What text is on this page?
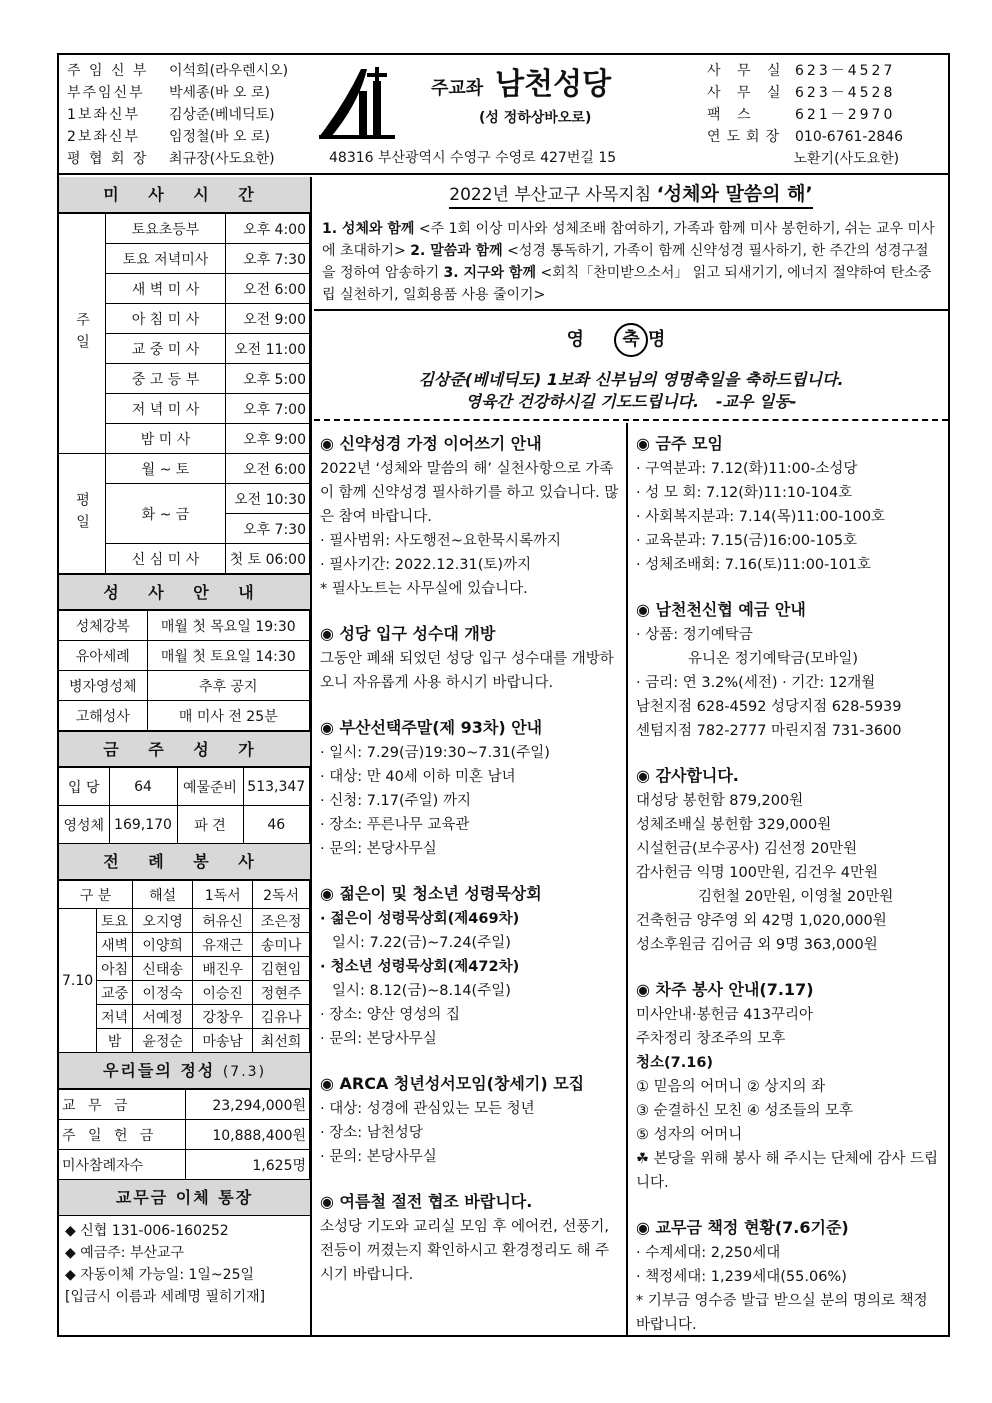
주 임 신 부 이석희(라우렌시오)
부주임신부 박세종(바 오 로)
1보좌신부 김상준(베네딕토)
2보좌신부 임정철(바 오 로)
평 협 회 장 최규장(사도요한)
주교좌 남천성당
(성 정하상바오로)
48316 부산광역시 수영구 수영로 427번길 15
사 무 실 623－4527
사 무 실 623－4528
팩 스	621－2970
연도회장 010-6761-2846
노환기(사도요한)
미 사 시 간
주일	토요초등부	오후 4:00
	토요 저녁미사	오후 7:30
	새 벽 미 사	오전 6:00
	아 침 미 사	오전 9:00
	교 중 미 사	오전 11:00
	중 고 등 부	오후 5:00
	저 녁 미 사	오후 7:00
	밤 미 사	오후 9:00
평일	월 ~ 토	오전 6:00
	화 ~ 금	오전 10:30
		오후 7:30
	신 심 미 사	첫 토 06:00
성 사 안 내
성체강복	매월 첫 목요일 19:30
유아세례	매월 첫 토요일 14:30
병자영성체	추후 공지
고해성사	매 미사 전 25분
금 주 성 가
입 당	64	예물준비	513,347
영성체	169,170	파 견	46
전 례 봉 사
구 분		해설	1독서	2독서
7.10	토요	오지영	허유신	조은정
	새벽	이양희	유재근	송미나
	아침	신태송	배진우	김현임
	교중	이정숙	이승진	정현주
	저녁	서예정	강창우	김유나
	밤	윤정순	마송남	최선희
우리들의 정성 (7.3)
교 무 금	23,294,000원
주 일 헌 금	10,888,400원
미사참례자수	1,625명
교무금 이체 통장
◆ 신협 131-006-160252
◆ 예금주: 부산교구
◆ 자동이체 가능일: 1일~25일
[입금시 이름과 세례명 필히기재]
2022년 부산교구 사목지침 ‘성체와 말씀의 해’
1. 성체와 함께 <주 1회 이상 미사와 성체조배 참여하기, 가족과 함께 미사 봉헌하기, 쉬는 교우 미사에 초대하기> 2. 말씀과 함께 <성경 통독하기, 가족이 함께 신약성경 필사하기, 한 주간의 성경구절을 정하여 암송하기 3. 지구와 함께 <회칙「찬미받으소서」 읽고 되새기기, 에너지 절약하여 탄소중립 실천하기, 일회용품 사용 줄이기>
영 축 명
김상준(베네딕도) 1보좌 신부님의 영명축일을 축하드립니다.
영육간 건강하시길 기도드립니다. -교우 일동-
◉ 신약성경 가정 이어쓰기 안내

2022년 ‘성체와 말씀의 해’ 실천사항으로 가족이 함께 신약성경 필사하기를 하고 있습니다. 많은 참여 바랍니다.

· 필사범위: 사도행전~요한묵시록까지

· 필사기간: 2022.12.31(토)까지

* 필사노트는 사무실에 있습니다.

◉ 성당 입구 성수대 개방

그동안 폐쇄 되었던 성당 입구 성수대를 개방하오니 자유롭게 사용 하시기 바랍니다.

◉ 부산선택주말(제 93차) 안내

· 일시: 7.29(금)19:30~7.31(주일)

· 대상: 만 40세 이하 미혼 남녀

· 신청: 7.17(주일) 까지

· 장소: 푸른나무 교육관

· 문의: 본당사무실

◉ 젊은이 및 청소년 성령묵상회

· 젊은이 성령묵상회(제469차)

일시: 7.22(금)~7.24(주일)

· 청소년 성령묵상회(제472차)

일시: 8.12(금)~8.14(주일)

· 장소: 양산 영성의 집

· 문의: 본당사무실

◉ ARCA 청년성서모임(창세기) 모집

· 대상: 성경에 관심있는 모든 청년

· 장소: 남천성당

· 문의: 본당사무실

◉ 여름철 절전 협조 바랍니다.

소성당 기도와 교리실 모임 후 에어컨, 선풍기, 전등이 꺼졌는지 확인하시고 환경정리도 해 주시기 바랍니다.

◉ 금주 모임

· 구역분과: 7.12(화)11:00-소성당

· 성 모 회: 7.12(화)11:10-104호

· 사회복지분과: 7.14(목)11:00-100호

· 교육분과: 7.15(금)16:00-105호

· 성체조배회: 7.16(토)11:00-101호

◉ 남천천신협 예금 안내

· 상품: 정기예탁금

유니온 정기예탁금(모바일)

· 금리: 연 3.2%(세전) · 기간: 12개월

남천지점 628-4592 성당지점 628-5939

센텀지점 782-2777 마린지점 731-3600

◉ 감사합니다.

대성당 봉헌함 879,200원

성체조배실 봉헌함 329,000원

시설헌금(보수공사) 김선정 20만원

감사헌금 익명 100만원, 김건우 4만원

김헌철 20만원, 이영철 20만원

건축헌금 양주영 외 42명 1,020,000원

성소후원금 김어금 외 9명 363,000원

◉ 차주 봉사 안내(7.17)

미사안내·봉헌금 413꾸리아

주차정리 창조주의 모후

청소(7.16)

① 믿음의 어머니 ② 상지의 좌

③ 순결하신 모친 ④ 성조들의 모후

⑤ 성자의 어머니

☘ 본당을 위해 봉사 해 주시는 단체에 감사 드립니다.

◉ 교무금 책정 현황(7.6기준)

· 수계세대: 2,250세대

· 책정세대: 1,239세대(55.06%)

* 기부금 영수증 발급 받으실 분의 명의로 책정 바랍니다.
